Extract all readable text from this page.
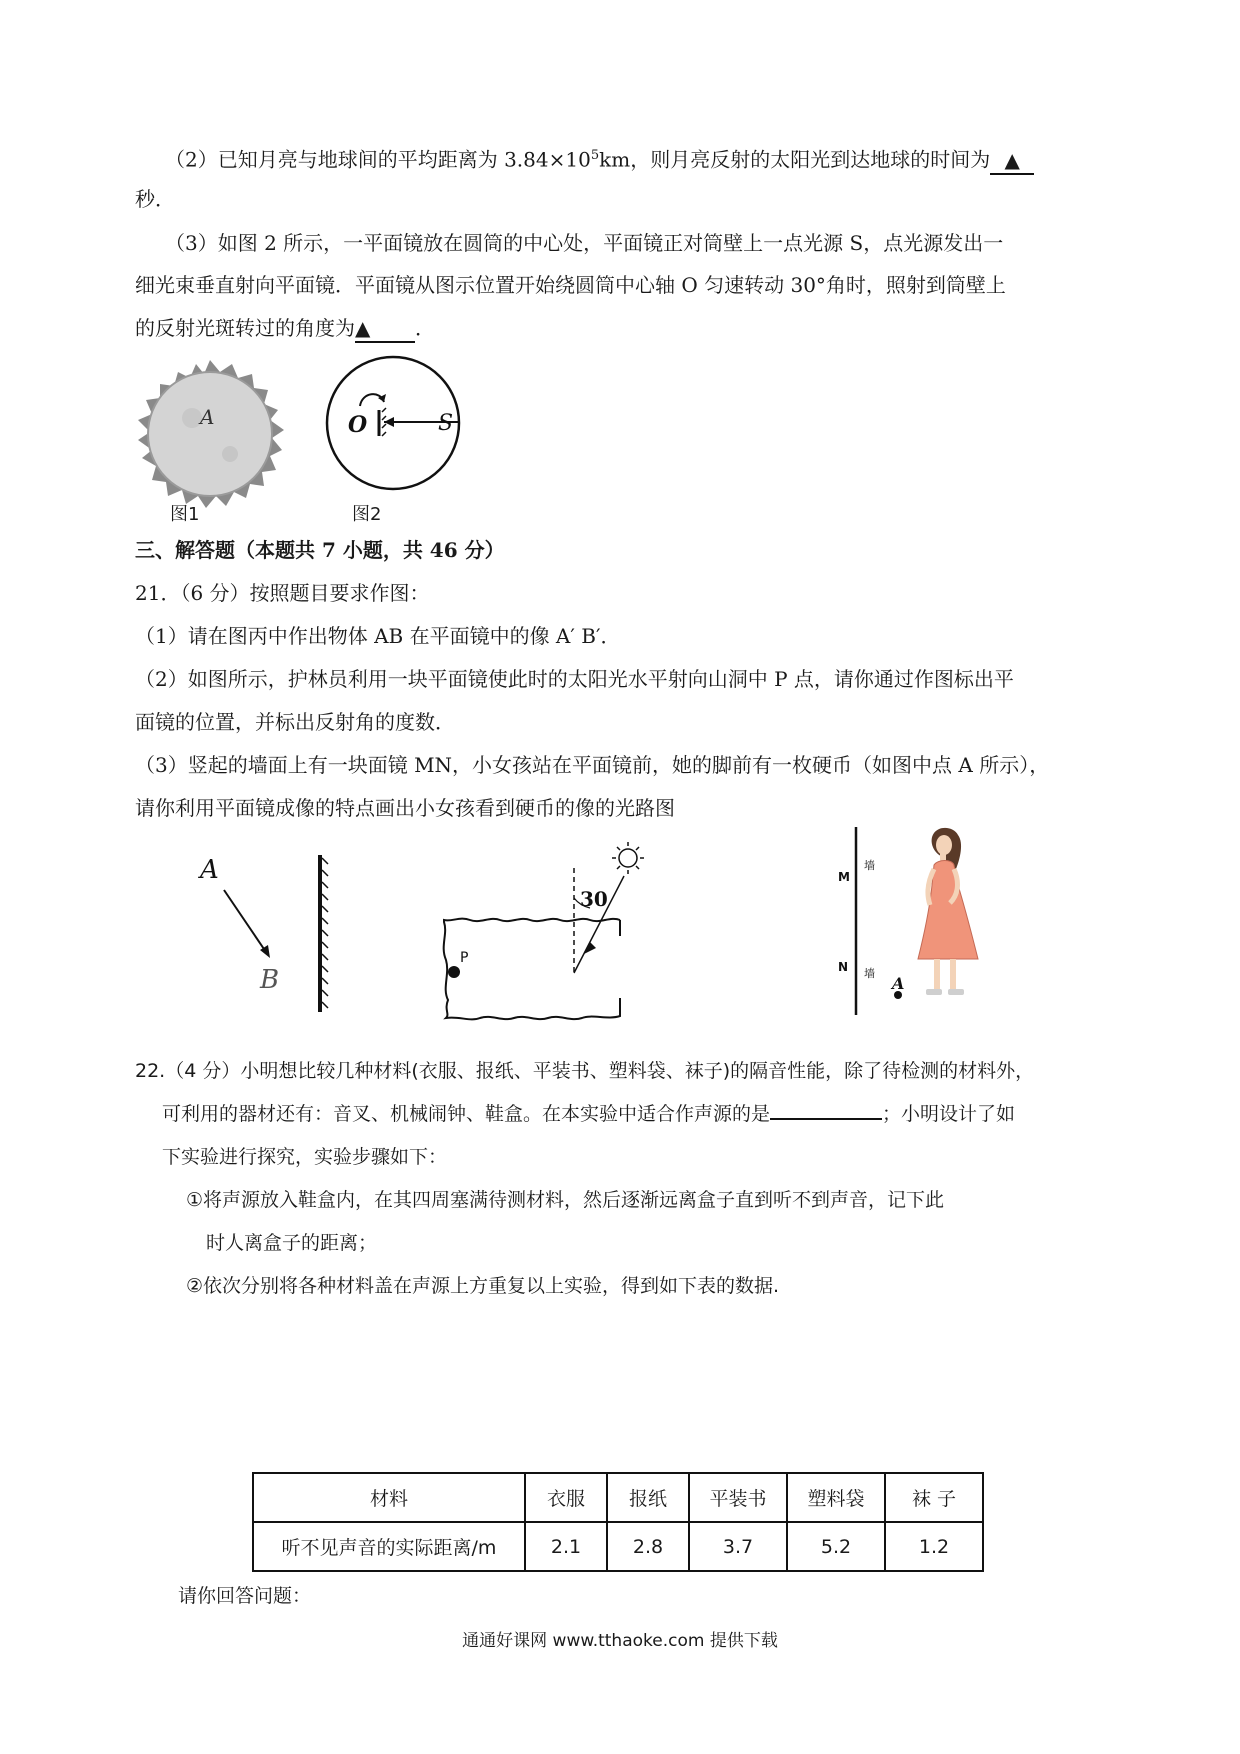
（2）已知月亮与地球间的平均距离为 $3.84\times 10^5km$，则月亮反射的太阳光到达地球的时间为 ▲
秒．
（3）如图 2 所示，一平面镜放在圆筒的中心处，平面镜正对筒壁上一点光源 S，点光源发出一
细光束垂直射向平面镜．平面镜从图示位置开始绕圆筒中心轴 O 匀速转动 30°角时，照射到筒壁上
的反射光斑转过的角度为▲ ．
A
图1
O	S
图2
三、解答题（本题共 7 小题，共 46 分）
21．（6 分）按照题目要求作图：
（1）请在图丙中作出物体 AB 在平面镜中的像 A′ B′．
（2）如图所示，护林员利用一块平面镜使此时的太阳光水平射向山洞中 P 点，请你通过作图标出平
面镜的位置，并标出反射角的度数．
（3）竖起的墙面上有一块面镜 MN，小女孩站在平面镜前，她的脚前有一枚硬币（如图中点 A 所示），
请你利用平面镜成像的特点画出小女孩看到硬币的像的光路图
A
B
P
30
M
墙
N 墙
A
22.（4 分）小明想比较几种材料(衣服、报纸、平装书、塑料袋、袜子)的隔音性能，除了待检测的材料外，
可利用的器材还有：音叉、机械闹钟、鞋盒。在本实验中适合作声源的是	；小明设计了如
下实验进行探究，实验步骤如下：
①将声源放入鞋盒内，在其四周塞满待测材料，然后逐渐远离盒子直到听不到声音，记下此
时人离盒子的距离；
②依次分别将各种材料盖在声源上方重复以上实验，得到如下表的数据.
材料	衣服	报纸	平装书	塑料袋	袜 子
听不见声音的实际距离/m	2.1	2.8	3.7	5.2	1.2
请你回答问题：
通通好课网 www.tthaoke.com 提供下载
